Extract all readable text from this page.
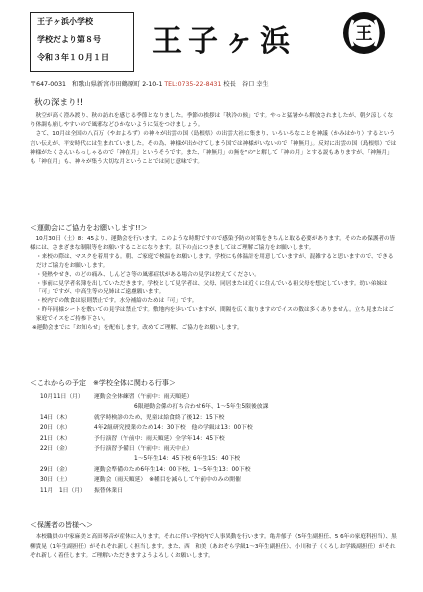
王子ヶ浜小学校
学校だより第８号
令和３年１０月１日 王子ヶ浜	王
〒647-0031　和歌山県新宮市田鶴原町 2-10-1 TEL:0735-22-8431 校長　谷口 幸生
秋の深まり!!
　秋空が高く澄み渡り、秋の訪れを感じる季節となりました。季節の挨拶は「秋冷の候」です。やっと猛暑から解放されましたが、朝夕涼しくなり体調も崩しやすいので風邪などひかないように気をつけましょう。
　さて、10月は全国の八百万（やおよろず）の神々が出雲の国（島根県）の出雲大社に集まり、いろいろなことを神議（かみはかり）するという言い伝えが、平安時代には生まれていました。その為、神様が出かけてしまう国では神様がいないので「神無月」。反対に出雲の国（島根県）では神様がたくさんいらっしゃるので「神在月」というそうです。また、「神無月」の無を"の"と解して「神の月」とする説もありますが、「神無月」も「神在月」も、神々が集う大切な月ということでは同じ意味です。
＜運動会にご協力をお願いします!!＞
　10月30日（土）8：45より、運動会を行います。このような時期ですので感染予防の対策をきちんと取る必要があります。そのため保護者の皆様には、さまざまな制限等をお願いすることになります。以下の点につきましてはご理解ご協力をお願いします。
・来校の際は、マスクを着用する。朝、ご家庭で検温をお願いします。学校にも体温計を用意していますが、混雑すると思いますので、できるだけご協力をお願いします。
・発熱やせき、のどの痛み、しんどさ等の風邪症状がある場合の見学は控えてください。
・事前に見学者名簿を出していただきます。学校として見学者は、父母、同居または近くに住んでいる祖父母を想定しています。幼い弟妹は「可」ですが、中高生等の兄姉はご遠慮願います。
・校内での飲食は原則禁止です。水分補給のためは「可」です。
・昨年同様シートを敷いての見学は禁止です。敷地内を歩いていますが、間隔を広く取りますのでイスの数は多くありません。立ち見またはご家庭でイスをご持参下さい。
※運動会までに「お知らせ」を配布します。改めてご理解、ご協力をお願いします。
＜これからの予定　※学校全体に関わる行事＞
10月11日（月） 運動会全体練習（午前中：雨天順延）
6限運動会係の打ち合わせ6年、1～5年生5限後放課
14日（木）	就学時検診のため、児童は給食終了後12：15下校
20日（水）	4年2組研究授業のため14：30下校　他の学級は13：00下校
21日（木）	予行演習（午前中：雨天順延）全学年14：45下校
22日（金）	予行演習予備日（午前中：雨天中止）
1～5年生14：45下校 6年生15：40下校
29日（金）	運動会準備のため6年生14：00下校、1～5年生13：00下校
30日（土）	運動会（雨天順延）　※種目を減らして午前中のみの開催
11月　1日（月） 振替休業日
＜保護者の皆様へ＞
　本校職員の中家麻美と高田琴音が産休に入ります。それに伴い学校内で人事異動を行います。亀井郁子（5年生副担任、5 6年の家庭科担当）、黒柳貴晃（1年生副担任）がそれぞれ新しく担当します。また、西　和美（あおぞら学級1～3年生副担任）、小川和子（くろしお学級副担任）がそれぞれ新しく着任します。ご理解いただきますようよろしくお願いします。
